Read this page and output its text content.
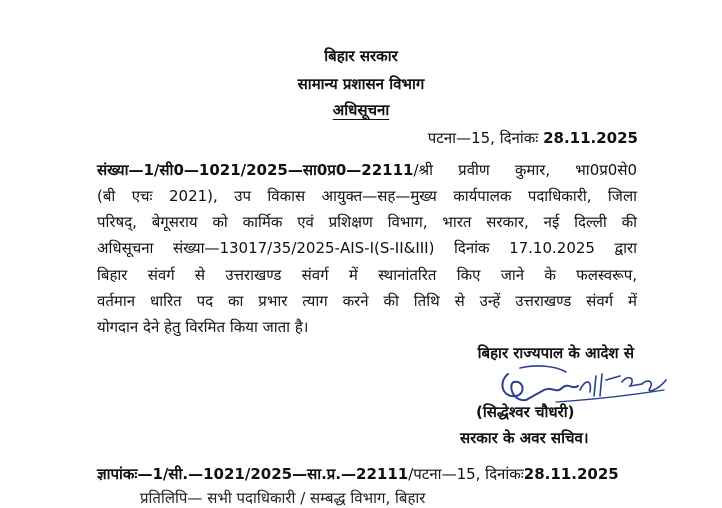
बिहार सरकार
सामान्य प्रशासन विभाग
अधिसूचना
पटना—15, दिनांकः 28.11.2025
संख्या—1/सी0—1021/2025—सा0प्र0—22111/श्री प्रवीण कुमार, भा0प्र0से0
(बी एचः 2021), उप विकास आयुक्त—सह—मुख्य कार्यपालक पदाधिकारी, जिला
परिषद्, बेगूसराय को कार्मिक एवं प्रशिक्षण विभाग, भारत सरकार, नई दिल्ली की
अधिसूचना संख्या—13017/35/2025-AIS-I(S-II&III) दिनांक 17.10.2025 द्वारा
बिहार संवर्ग से उत्तराखण्ड संवर्ग में स्थानांतरित किए जाने के फलस्वरूप,
वर्तमान धारित पद का प्रभार त्याग करने की तिथि से उन्हें उत्तराखण्ड संवर्ग में
योगदान देने हेतु विरमित किया जाता है।
बिहार राज्यपाल के आदेश से
(सिद्धेश्वर चौधरी)
सरकार के अवर सचिव।
ज्ञापांकः—1/सी.—1021/2025—सा.प्र.—22111/पटना—15, दिनांकः28.11.2025
प्रतिलिपि— सभी पदाधिकारी / सम्बद्ध विभाग, बिहार
